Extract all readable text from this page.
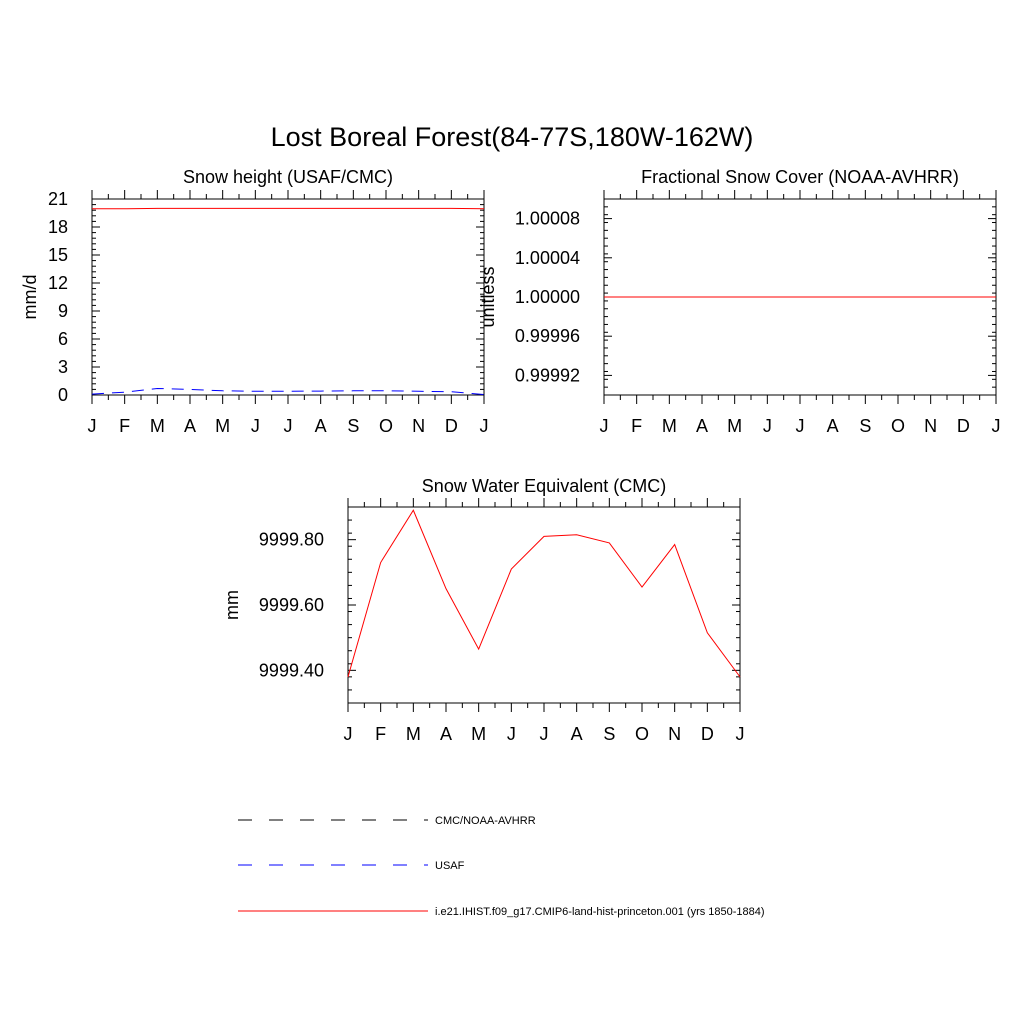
Lost Boreal Forest(84-77S,180W-162W)
Snow height (USAF/CMC)
J F M A M J J A S O N D J
0
3
6
9
12
15
18
21
mm/d
Fractional Snow Cover (NOAA-AVHRR)
J F M A M J J A S O N D J
0.99992
0.99996
1.00000
1.00004
1.00008
unitless
Snow Water Equivalent (CMC)
J F M A M J J A S O N D J
9999.40
9999.60
9999.80
mm
CMC/NOAA-AVHRR
USAF
i.e21.IHIST.f09_g17.CMIP6-land-hist-princeton.001 (yrs 1850-1884)
